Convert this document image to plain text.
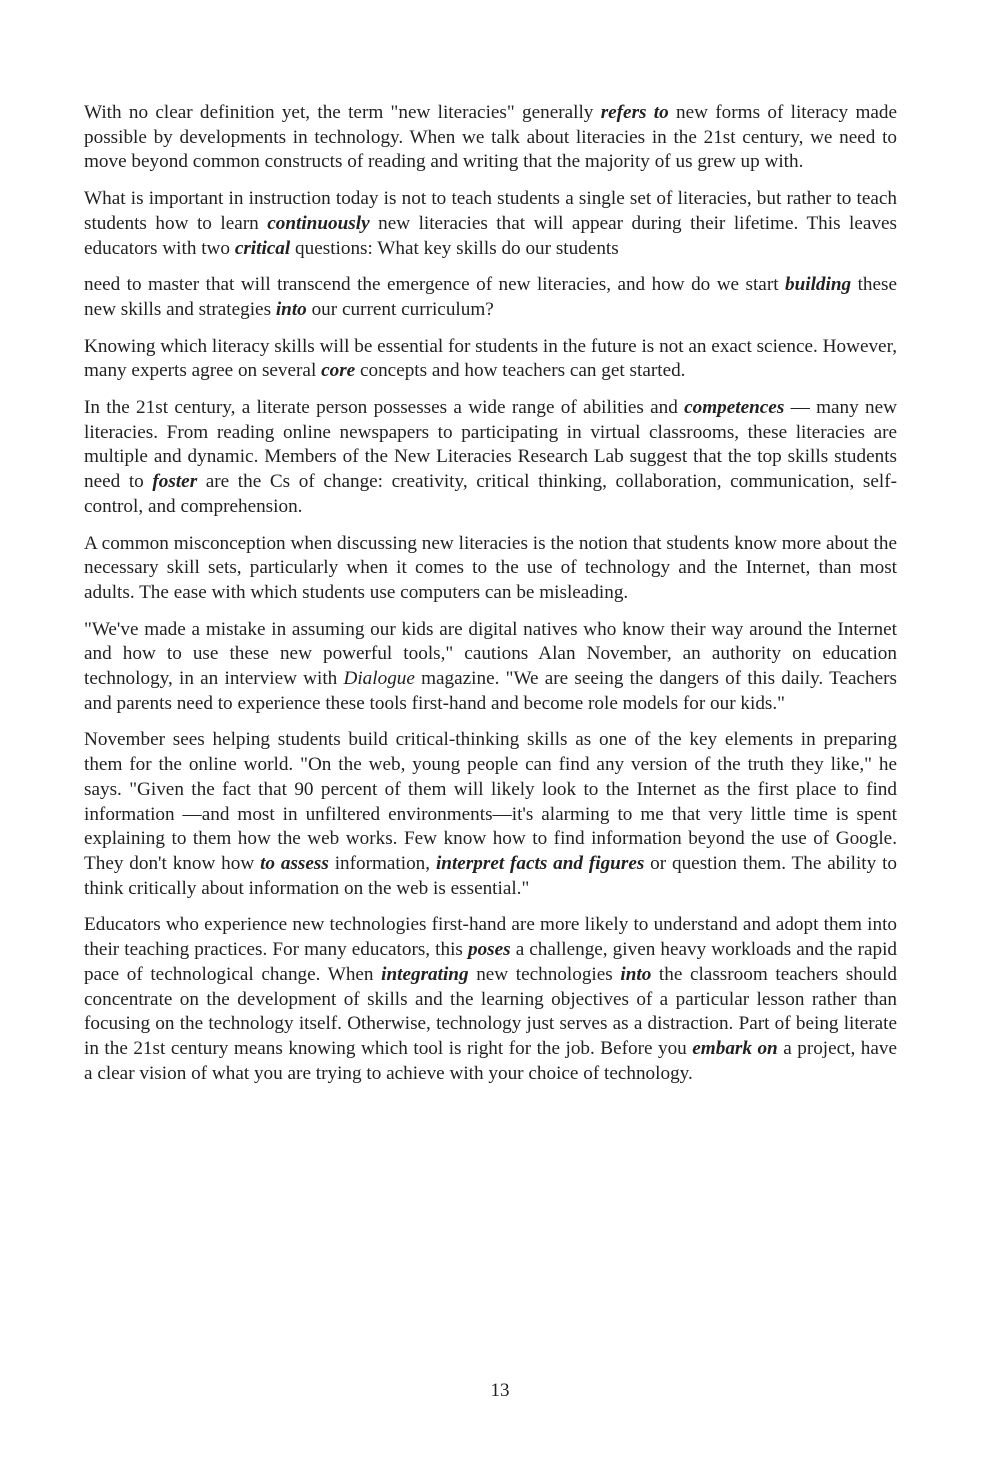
With no clear definition yet, the term "new literacies" generally refers to new forms of literacy made possible by developments in technology. When we talk about literacies in the 21st century, we need to move beyond common constructs of reading and writing that the majority of us grew up with.

What is important in instruction today is not to teach students a single set of literacies, but rather to teach students how to learn continuously new literacies that will appear during their lifetime. This leaves educators with two critical questions: What key skills do our students

need to master that will transcend the emergence of new literacies, and how do we start building these new skills and strategies into our current curriculum?

Knowing which literacy skills will be essential for students in the future is not an exact science. However, many experts agree on several core concepts and how teachers can get started.

In the 21st century, a literate person possesses a wide range of abilities and competences — many new literacies. From reading online newspapers to participating in virtual classrooms, these literacies are multiple and dynamic. Members of the New Literacies Research Lab suggest that the top skills students need to foster are the Cs of change: creativity, critical thinking, collaboration, communication, self-control, and comprehension.

A common misconception when discussing new literacies is the notion that students know more about the necessary skill sets, particularly when it comes to the use of technology and the Internet, than most adults. The ease with which students use computers can be misleading.

"We've made a mistake in assuming our kids are digital natives who know their way around the Internet and how to use these new powerful tools," cautions Alan November, an authority on education technology, in an interview with Dialogue magazine. "We are seeing the dangers of this daily. Teachers and parents need to experience these tools first-hand and become role models for our kids."

November sees helping students build critical-thinking skills as one of the key elements in preparing them for the online world. "On the web, young people can find any version of the truth they like," he says. "Given the fact that 90 percent of them will likely look to the Internet as the first place to find information —and most in unfiltered environments—it's alarming to me that very little time is spent explaining to them how the web works. Few know how to find information beyond the use of Google. They don't know how to assess information, interpret facts and figures or question them. The ability to think critically about information on the web is essential."

Educators who experience new technologies first-hand are more likely to understand and adopt them into their teaching practices. For many educators, this poses a challenge, given heavy workloads and the rapid pace of technological change. When integrating new technologies into the classroom teachers should concentrate on the development of skills and the learning objectives of a particular lesson rather than focusing on the technology itself. Otherwise, technology just serves as a distraction. Part of being literate in the 21st century means knowing which tool is right for the job. Before you embark on a project, have a clear vision of what you are trying to achieve with your choice of technology.

13
